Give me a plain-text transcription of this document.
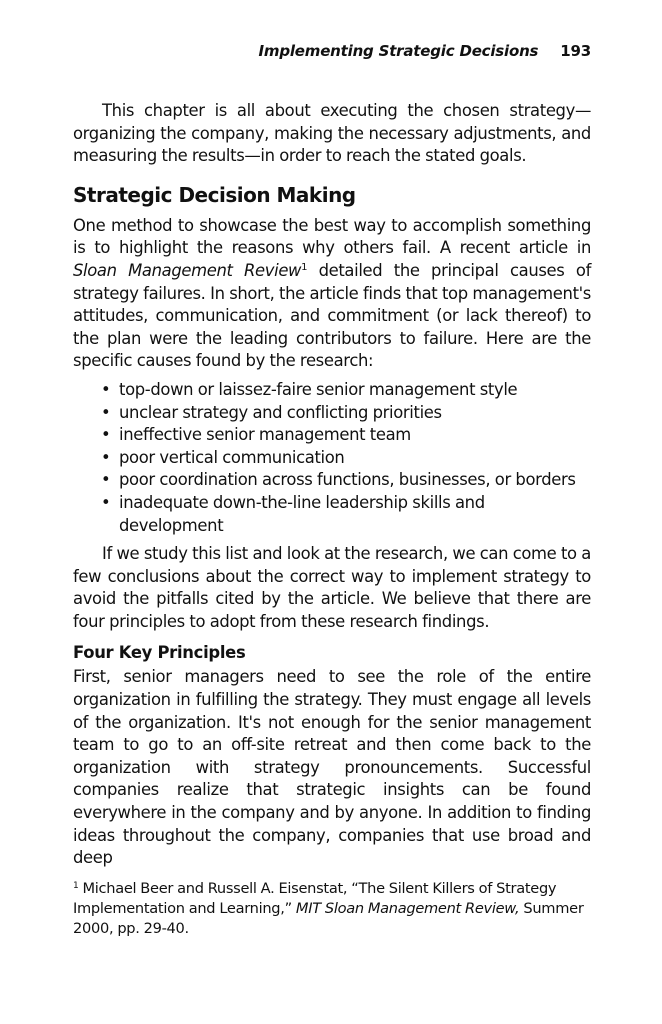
Implementing Strategic Decisions 193

This chapter is all about executing the chosen strategy—organizing the company, making the necessary adjustments, and measuring the results—in order to reach the stated goals.

Strategic Decision Making

One method to showcase the best way to accomplish something is to highlight the reasons why others fail. A recent article in Sloan Management Review$^1$ detailed the principal causes of strategy failures. In short, the article finds that top management's attitudes, communication, and commitment (or lack thereof) to the plan were the leading contributors to failure. Here are the specific causes found by the research:

• top-down or laissez-faire senior management style
• unclear strategy and conflicting priorities
• ineffective senior management team
• poor vertical communication
• poor coordination across functions, businesses, or borders
• inadequate down-the-line leadership skills and development

If we study this list and look at the research, we can come to a few conclusions about the correct way to implement strategy to avoid the pitfalls cited by the article. We believe that there are four principles to adopt from these research findings.

Four Key Principles

First, senior managers need to see the role of the entire organization in fulfilling the strategy. They must engage all levels of the organization. It's not enough for the senior management team to go to an off-site retreat and then come back to the organization with strategy pronouncements. Successful companies realize that strategic insights can be found everywhere in the company and by anyone. In addition to finding ideas throughout the company, companies that use broad and deep

$^1$ Michael Beer and Russell A. Eisenstat, “The Silent Killers of Strategy Implementation and Learning,” MIT Sloan Management Review, Summer 2000, pp. 29-40.
